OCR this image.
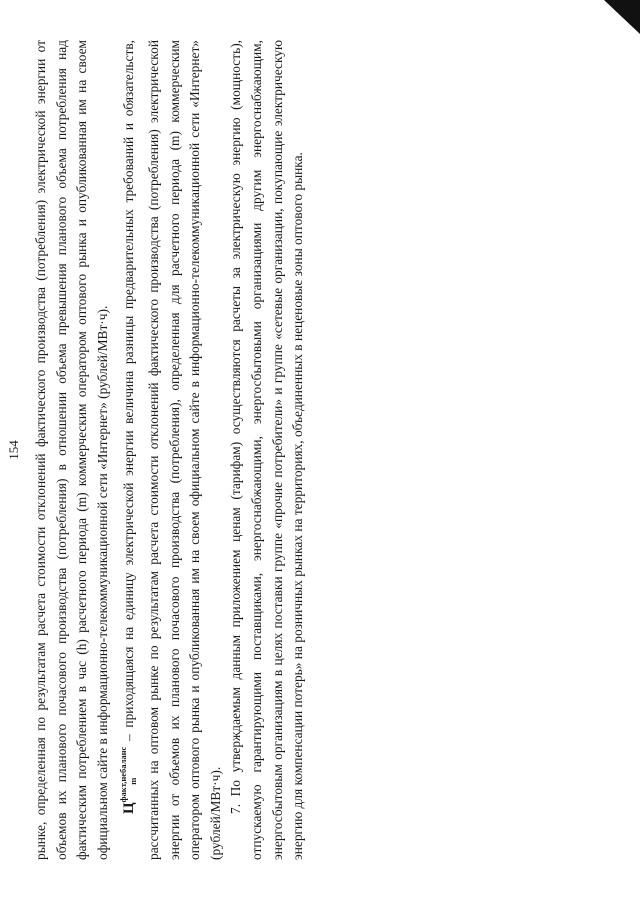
154 рынке, определенная по результатам расчета стоимости отклонений фактического производства (потребления) электрической энергии от объемов их планового почасового производства (потребления) в отношении объема превышения планового объема потребления над фактическим потреблением в час (h) расчетного периода (m) коммерческим оператором оптового рынка и опубликованная им на своем официальном сайте в информационно-телекоммуникационной сети «Интернет» (рублей/МВт·ч). $Ц^{факт,небаланс}_m$ – приходящаяся на единицу электрической энергии величина разницы предварительных требований и обязательств, рассчитанных на оптовом рынке по результатам расчета стоимости отклонений фактического производства (потребления) электрической энергии от объемов их планового почасового производства (потребления), определенная для расчетного периода (m) коммерческим оператором оптового рынка и опубликованная им на своем официальном сайте в информационно-телекоммуникационной сети «Интернет» (рублей/МВт·ч). 7. По утверждаемым данным приложением ценам (тарифам) осуществляются расчеты за электрическую энергию (мощность), отпускаемую гарантирующими поставщиками, энергоснабжающими, энергосбытовыми организациями другим энергоснабжающим, энергосбытовым организациям в целях поставки группе «прочие потребители» и группе «сетевые организации, покупающие электрическую энергию для компенсации потерь» на розничных рынках на территориях, объединенных в неценовые зоны оптового рынка.
